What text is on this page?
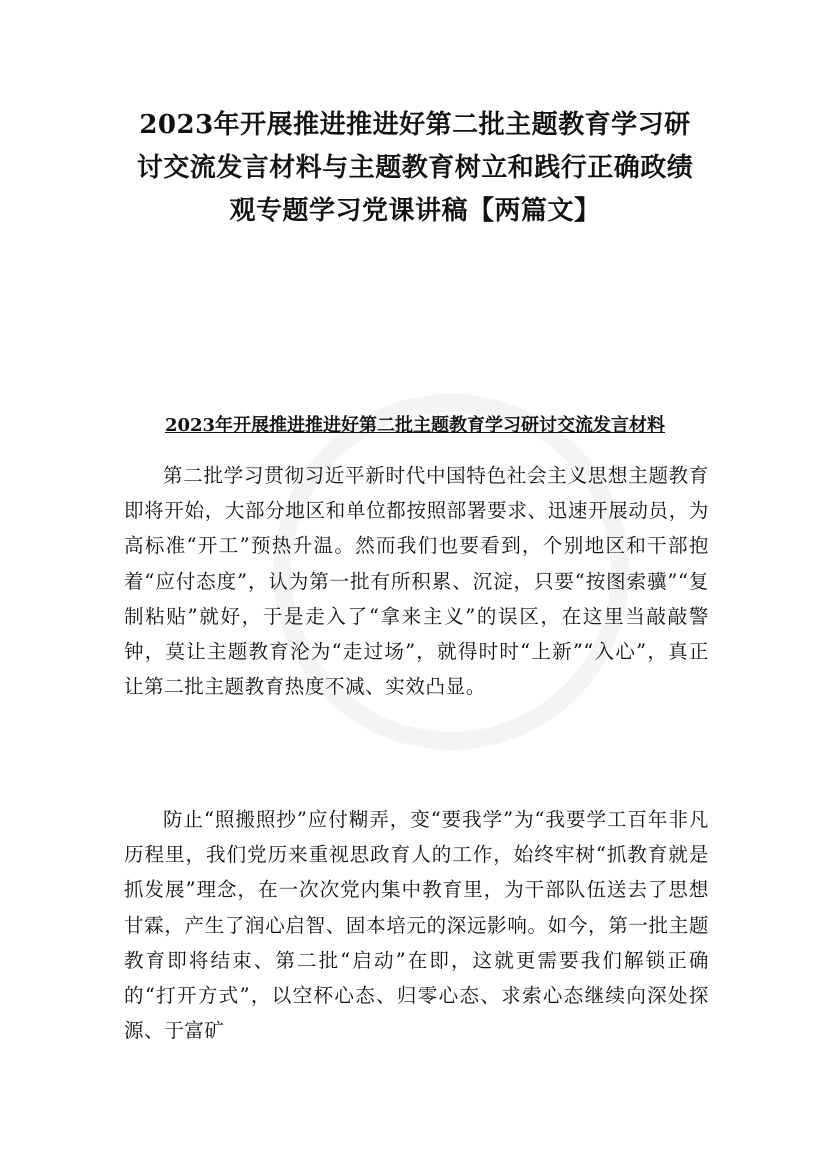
2023年开展推进推进好第二批主题教育学习研讨交流发言材料与主题教育树立和践行正确政绩观专题学习党课讲稿【两篇文】
2023年开展推进推进好第二批主题教育学习研讨交流发言材料

第二批学习贯彻习近平新时代中国特色社会主义思想主题教育即将开始，大部分地区和单位都按照部署要求、迅速开展动员，为高标准“开工”预热升温。然而我们也要看到，个别地区和干部抱着“应付态度”，认为第一批有所积累、沉淀，只要“按图索骥”“复制粘贴”就好，于是走入了“拿来主义”的误区，在这里当敲敲警钟，莫让主题教育沦为“走过场”，就得时时“上新”“入心”，真正让第二批主题教育热度不减、实效凸显。

防止“照搬照抄”应付糊弄，变“要我学”为“我要学工百年非凡历程里，我们党历来重视思政育人的工作，始终牢树“抓教育就是抓发展”理念，在一次次党内集中教育里，为干部队伍送去了思想甘霖，产生了润心启智、固本培元的深远影响。如今，第一批主题教育即将结束、第二批“启动”在即，这就更需要我们解锁正确的“打开方式”，以空杯心态、归零心态、求索心态继续向深处探源、于富矿
